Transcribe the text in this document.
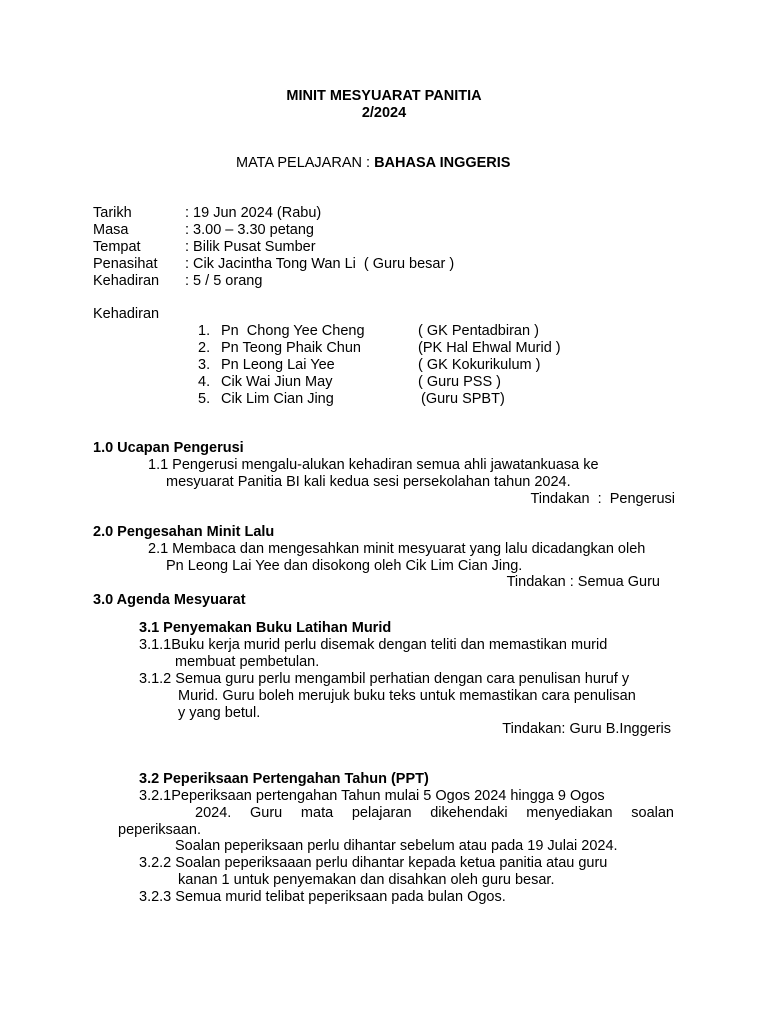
MINIT MESYUARAT PANITIA
2/2024
MATA PELAJARAN : BAHASA INGGERIS
Tarikh	: 19 Jun 2024 (Rabu)
Masa	: 3.00 – 3.30 petang
Tempat	: Bilik Pusat Sumber
Penasihat : Cik Jacintha Tong Wan Li  ( Guru besar )
Kehadiran : 5 / 5 orang
Kehadiran
1. Pn  Chong Yee Cheng	( GK Pentadbiran )
2. Pn Teong Phaik Chun	(PK Hal Ehwal Murid )
3. Pn Leong Lai Yee	( GK Kokurikulum )
4. Cik Wai Jiun May	( Guru PSS )
5. Cik Lim Cian Jing	(Guru SPBT)
1.0 Ucapan Pengerusi
1.1 Pengerusi mengalu-alukan kehadiran semua ahli jawatankuasa ke
mesyuarat Panitia BI kali kedua sesi persekolahan tahun 2024.
Tindakan  :  Pengerusi
2.0 Pengesahan Minit Lalu
2.1 Membaca dan mengesahkan minit mesyuarat yang lalu dicadangkan oleh
Pn Leong Lai Yee dan disokong oleh Cik Lim Cian Jing.
Tindakan : Semua Guru
3.0 Agenda Mesyuarat
3.1 Penyemakan Buku Latihan Murid
3.1.1Buku kerja murid perlu disemak dengan teliti dan memastikan murid
membuat pembetulan.
3.1.2 Semua guru perlu mengambil perhatian dengan cara penulisan huruf y
Murid. Guru boleh merujuk buku teks untuk memastikan cara penulisan
y yang betul.
Tindakan: Guru B.Inggeris
3.2 Peperiksaan Pertengahan Tahun (PPT)
3.2.1Peperiksaan pertengahan Tahun mulai 5 Ogos 2024 hingga 9 Ogos
2024. Guru mata pelajaran dikehendaki menyediakan soalan
peperiksaan.
Soalan peperiksaan perlu dihantar sebelum atau pada 19 Julai 2024.
3.2.2 Soalan peperiksaaan perlu dihantar kepada ketua panitia atau guru
kanan 1 untuk penyemakan dan disahkan oleh guru besar.
3.2.3 Semua murid telibat peperiksaan pada bulan Ogos.
